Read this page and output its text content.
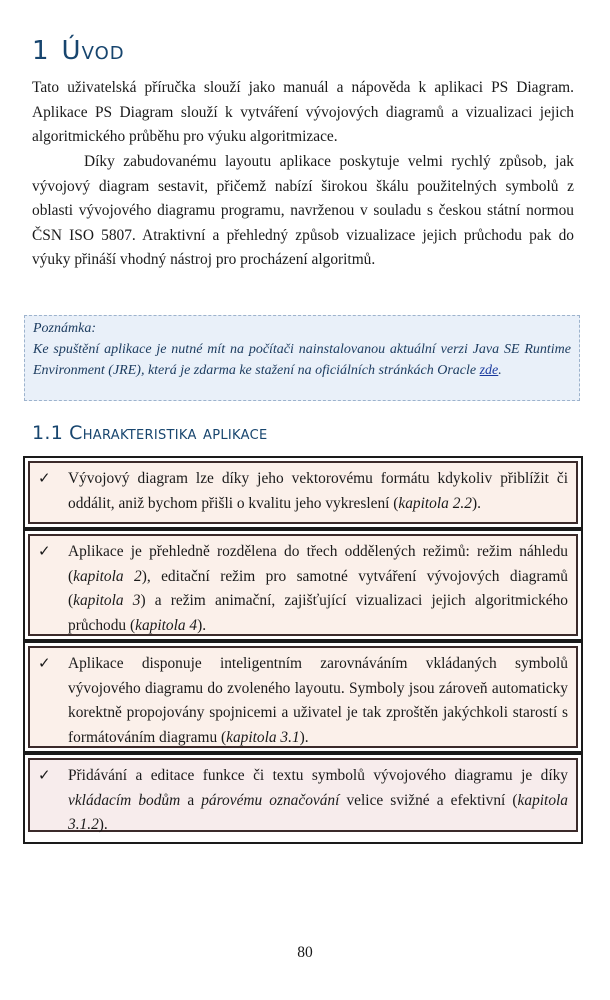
1 Úvod

Tato uživatelská příručka slouží jako manuál a nápověda k aplikaci PS Diagram. Aplikace PS Diagram slouží k vytváření vývojových diagramů a vizualizaci jejich algoritmického průběhu pro výuku algoritmizace.

Díky zabudovanému layoutu aplikace poskytuje velmi rychlý způsob, jak vývojový diagram sestavit, přičemž nabízí širokou škálu použitelných symbolů z oblasti vývojového diagramu programu, navrženou v souladu s českou státní normou ČSN ISO 5807. Atraktivní a přehledný způsob vizualizace jejich průchodu pak do výuky přináší vhodný nástroj pro procházení algoritmů.

Poznámka:

Ke spuštění aplikace je nutné mít na počítači nainstalovanou aktuální verzi Java SE Runtime Environment (JRE), která je zdarma ke stažení na oficiálních stránkách Oracle zde.

1.1 Charakteristika aplikace
✓ Vývojový diagram lze díky jeho vektorovému formátu kdykoliv přiblížit či oddálit, aniž bychom přišli o kvalitu jeho vykreslení (kapitola 2.2).

✓ Aplikace je přehledně rozdělena do třech oddělených režimů: režim náhledu (kapitola 2), editační režim pro samotné vytváření vývojových diagramů (kapitola 3) a režim animační, zajišťující vizualizaci jejich algoritmického průchodu (kapitola 4).

✓ Aplikace disponuje inteligentním zarovnáváním vkládaných symbolů vývojového diagramu do zvoleného layoutu. Symboly jsou zároveň automaticky korektně propojovány spojnicemi a uživatel je tak zproštěn jakýchkoli starostí s formátováním diagramu (kapitola 3.1).

✓ Přidávání a editace funkce či textu symbolů vývojového diagramu je díky vkládacím bodům a párovému označování velice svižné a efektivní (kapitola 3.1.2).

80
